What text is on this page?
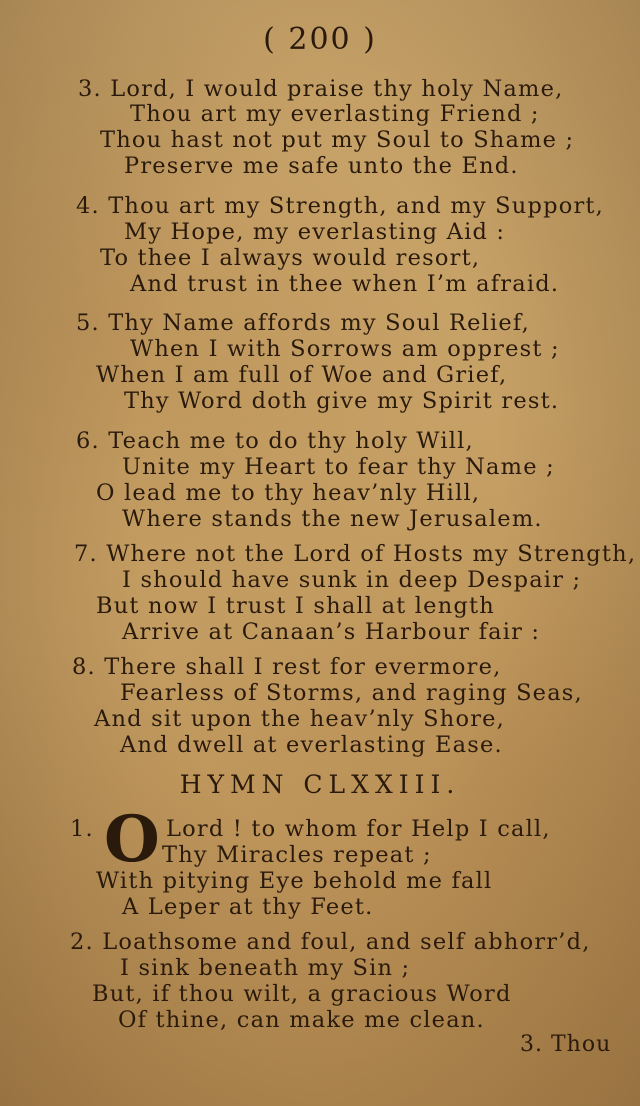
( 200 )
3. Lord, I would praise thy holy Name,
Thou art my everlasting Friend ;
Thou hast not put my Soul to Shame ;
Preserve me safe unto the End.
4. Thou art my Strength, and my Support,
My Hope, my everlasting Aid :
To thee I always would resort,
And trust in thee when I’m afraid.
5. Thy Name affords my Soul Relief,
When I with Sorrows am opprest ;
When I am full of Woe and Grief,
Thy Word doth give my Spirit rest.
6. Teach me to do thy holy Will,
Unite my Heart to fear thy Name ;
O lead me to thy heav’nly Hill,
Where stands the new Jerusalem.
7. Where not the Lord of Hosts my Strength,
I should have sunk in deep Despair ;
But now I trust I shall at length
Arrive at Canaan’s Harbour fair :
8. There shall I rest for evermore,
Fearless of Storms, and raging Seas,
And sit upon the heav’nly Shore,
And dwell at everlasting Ease.
HYMN CLXXIII.
1. O Lord ! to whom for Help I call,
Thy Miracles repeat ;
With pitying Eye behold me fall
A Leper at thy Feet.
2. Loathsome and foul, and self abhorr’d,
I sink beneath my Sin ;
But, if thou wilt, a gracious Word
Of thine, can make me clean.
3. Thou
